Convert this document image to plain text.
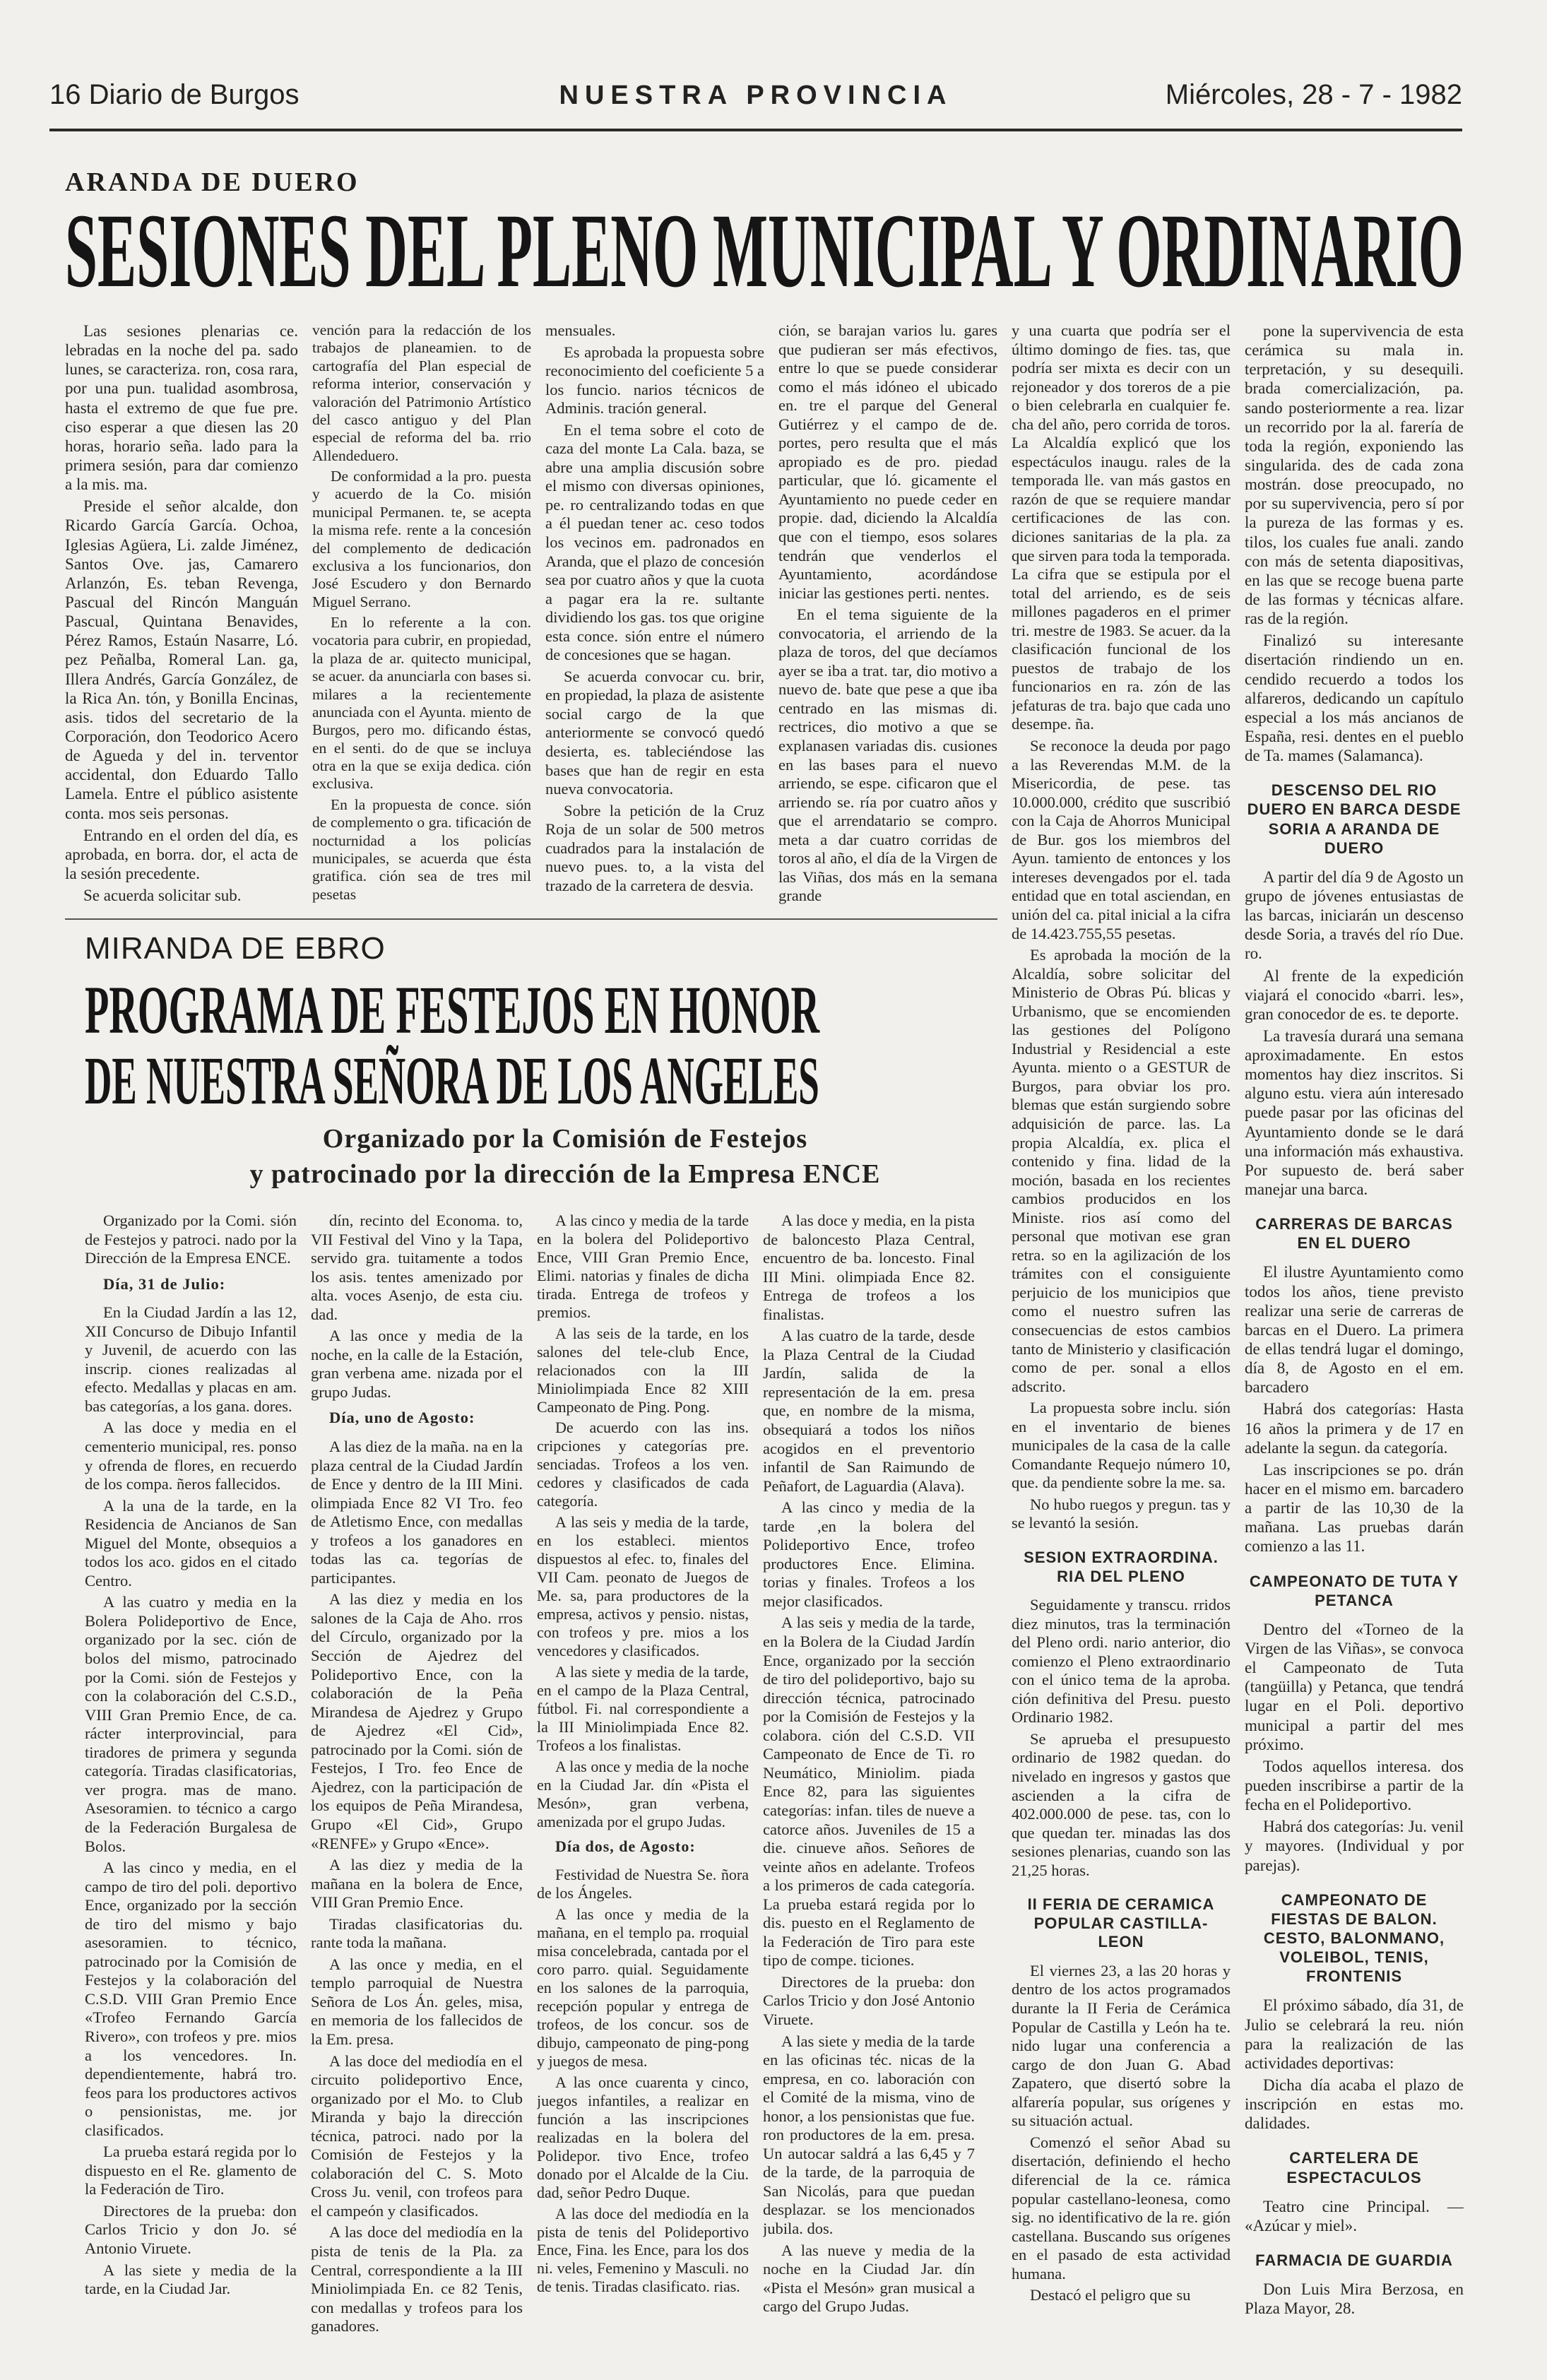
16 Diario de Burgos	NUESTRA PROVINCIA	Miércoles, 28 - 7 - 1982
ARANDA DE DUERO
SESIONES DEL PLENO MUNICIPAL Y ORDINARIO

Las sesiones plenarias ce. lebradas en la noche del pa. sado lunes, se caracteriza. ron, cosa rara, por una pun. tualidad asombrosa, hasta el extremo de que fue pre. ciso esperar a que diesen las 20 horas, horario seña. lado para la primera sesión, para dar comienzo a la mis. ma.

Preside el señor alcalde, don Ricardo García García. Ochoa, Iglesias Agüera, Li. zalde Jiménez, Santos Ove. jas, Camarero Arlanzón, Es. teban Revenga, Pascual del Rincón Manguán Pascual, Quintana Benavides, Pérez Ramos, Estaún Nasarre, Ló. pez Peñalba, Romeral Lan. ga, Illera Andrés, García González, de la Rica An. tón, y Bonilla Encinas, asis. tidos del secretario de la Corporación, don Teodorico Acero de Agueda y del in. terventor accidental, don Eduardo Tallo Lamela. Entre el público asistente conta. mos seis personas.

Entrando en el orden del día, es aprobada, en borra. dor, el acta de la sesión precedente.

Se acuerda solicitar sub.

vención para la redacción de los trabajos de planeamien. to de cartografía del Plan especial de reforma interior, conservación y valoración del Patrimonio Artístico del casco antiguo y del Plan especial de reforma del ba. rrio Allendeduero.

De conformidad a la pro. puesta y acuerdo de la Co. misión municipal Permanen. te, se acepta la misma refe. rente a la concesión del complemento de dedicación exclusiva a los funcionarios, don José Escudero y don Bernardo Miguel Serrano.

En lo referente a la con. vocatoria para cubrir, en propiedad, la plaza de ar. quitecto municipal, se acuer. da anunciarla con bases si. milares a la recientemente anunciada con el Ayunta. miento de Burgos, pero mo. dificando éstas, en el senti. do de que se incluya otra en la que se exija dedica. ción exclusiva.

En la propuesta de conce. sión de complemento o gra. tificación de nocturnidad a los policías municipales, se acuerda que ésta gratifica. ción sea de tres mil pesetas

mensuales.

Es aprobada la propuesta sobre reconocimiento del coeficiente 5 a los funcio. narios técnicos de Adminis. tración general.

En el tema sobre el coto de caza del monte La Cala. baza, se abre una amplia discusión sobre el mismo con diversas opiniones, pe. ro centralizando todas en que a él puedan tener ac. ceso todos los vecinos em. padronados en Aranda, que el plazo de concesión sea por cuatro años y que la cuota a pagar era la re. sultante dividiendo los gas. tos que origine esta conce. sión entre el número de concesiones que se hagan.

Se acuerda convocar cu. brir, en propiedad, la plaza de asistente social cargo de la que anteriormente se convocó quedó desierta, es. tableciéndose las bases que han de regir en esta nueva convocatoria.

Sobre la petición de la Cruz Roja de un solar de 500 metros cuadrados para la instalación de nuevo pues. to, a la vista del trazado de la carretera de desvia.

ción, se barajan varios lu. gares que pudieran ser más efectivos, entre lo que se puede considerar como el más idóneo el ubicado en. tre el parque del General Gutiérrez y el campo de de. portes, pero resulta que el más apropiado es de pro. piedad particular, que ló. gicamente el Ayuntamiento no puede ceder en propie. dad, diciendo la Alcaldía que con el tiempo, esos solares tendrán que venderlos el Ayuntamiento, acordándose iniciar las gestiones perti. nentes.

En el tema siguiente de la convocatoria, el arriendo de la plaza de toros, del que decíamos ayer se iba a trat. tar, dio motivo a nuevo de. bate que pese a que iba centrado en las mismas di. rectrices, dio motivo a que se explanasen variadas dis. cusiones en las bases para el nuevo arriendo, se espe. cificaron que el arriendo se. ría por cuatro años y que el arrendatario se compro. meta a dar cuatro corridas de toros al año, el día de la Virgen de las Viñas, dos más en la semana grande

MIRANDA DE EBRO
PROGRAMA DE FESTEJOS EN HONOR
DE NUESTRA SEÑORA DE LOS ANGELES
Organizado por la Comisión de Festejos
y patrocinado por la dirección de la Empresa ENCE

Organizado por la Comi. sión de Festejos y patroci. nado por la Dirección de la Empresa ENCE.

Día, 31 de Julio:

En la Ciudad Jardín a las 12, XII Concurso de Dibujo Infantil y Juvenil, de acuerdo con las inscrip. ciones realizadas al efecto. Medallas y placas en am. bas categorías, a los gana. dores.

A las doce y media en el cementerio municipal, res. ponso y ofrenda de flores, en recuerdo de los compa. ñeros fallecidos.

A la una de la tarde, en la Residencia de Ancianos de San Miguel del Monte, obsequios a todos los aco. gidos en el citado Centro.

A las cuatro y media en la Bolera Polideportivo de Ence, organizado por la sec. ción de bolos del mismo, patrocinado por la Comi. sión de Festejos y con la colaboración del C.S.D., VIII Gran Premio Ence, de ca. rácter interprovincial, para tiradores de primera y segunda categoría. Tiradas clasificatorias, ver progra. mas de mano. Asesoramien. to técnico a cargo de la Federación Burgalesa de Bolos.

A las cinco y media, en el campo de tiro del poli. deportivo Ence, organizado por la sección de tiro del mismo y bajo asesoramien. to técnico, patrocinado por la Comisión de Festejos y la colaboración del C.S.D. VIII Gran Premio Ence «Trofeo Fernando García Rivero», con trofeos y pre. mios a los vencedores. In. dependientemente, habrá tro. feos para los productores activos o pensionistas, me. jor clasificados.

La prueba estará regida por lo dispuesto en el Re. glamento de la Federación de Tiro.

Directores de la prueba: don Carlos Tricio y don Jo. sé Antonio Viruete.

A las siete y media de la tarde, en la Ciudad Jar.

dín, recinto del Economa. to, VII Festival del Vino y la Tapa, servido gra. tuitamente a todos los asis. tentes amenizado por alta. voces Asenjo, de esta ciu. dad.

A las once y media de la noche, en la calle de la Estación, gran verbena ame. nizada por el grupo Judas.

Día, uno de Agosto:

A las diez de la maña. na en la plaza central de la Ciudad Jardín de Ence y dentro de la III Mini. olimpiada Ence 82 VI Tro. feo de Atletismo Ence, con medallas y trofeos a los ganadores en todas las ca. tegorías de participantes.

A las diez y media en los salones de la Caja de Aho. rros del Círculo, organizado por la Sección de Ajedrez del Polideportivo Ence, con la colaboración de la Peña Mirandesa de Ajedrez y Grupo de Ajedrez «El Cid», patrocinado por la Comi. sión de Festejos, I Tro. feo Ence de Ajedrez, con la participación de los equipos de Peña Mirandesa, Grupo «El Cid», Grupo «RENFE» y Grupo «Ence».

A las diez y media de la mañana en la bolera de Ence, VIII Gran Premio Ence.

Tiradas clasificatorias du. rante toda la mañana.

A las once y media, en el templo parroquial de Nuestra Señora de Los Án. geles, misa, en memoria de los fallecidos de la Em. presa.

A las doce del mediodía en el circuito polideportivo Ence, organizado por el Mo. to Club Miranda y bajo la dirección técnica, patroci. nado por la Comisión de Festejos y la colaboración del C. S. Moto Cross Ju. venil, con trofeos para el campeón y clasificados.

A las doce del mediodía en la pista de tenis de la Pla. za Central, correspondiente a la III Miniolimpiada En. ce 82 Tenis, con medallas y trofeos para los ganadores.

A las cinco y media de la tarde en la bolera del Polideportivo Ence, VIII Gran Premio Ence, Elimi. natorias y finales de dicha tirada. Entrega de trofeos y premios.

A las seis de la tarde, en los salones del tele-club Ence, relacionados con la III Miniolimpiada Ence 82 XIII Campeonato de Ping. Pong.

De acuerdo con las ins. cripciones y categorías pre. senciadas. Trofeos a los ven. cedores y clasificados de cada categoría.

A las seis y media de la tarde, en los estableci. mientos dispuestos al efec. to, finales del VII Cam. peonato de Juegos de Me. sa, para productores de la empresa, activos y pensio. nistas, con trofeos y pre. mios a los vencedores y clasificados.

A las siete y media de la tarde, en el campo de la Plaza Central, fútbol. Fi. nal correspondiente a la III Miniolimpiada Ence 82. Trofeos a los finalistas.

A las once y media de la noche en la Ciudad Jar. dín «Pista el Mesón», gran verbena, amenizada por el grupo Judas.

Día dos, de Agosto:

Festividad de Nuestra Se. ñora de los Ángeles.

A las once y media de la mañana, en el templo pa. rroquial misa concelebrada, cantada por el coro parro. quial. Seguidamente en los salones de la parroquia, recepción popular y entrega de trofeos, de los concur. sos de dibujo, campeonato de ping-pong y juegos de mesa.

A las once cuarenta y cinco, juegos infantiles, a realizar en función a las inscripciones realizadas en la bolera del Polidepor. tivo Ence, trofeo donado por el Alcalde de la Ciu. dad, señor Pedro Duque.

A las doce del mediodía en la pista de tenis del Polideportivo Ence, Fina. les Ence, para los dos ni. veles, Femenino y Masculi. no de tenis. Tiradas clasificato. rias.

A las doce y media, en la pista de baloncesto Plaza Central, encuentro de ba. loncesto. Final III Mini. olimpiada Ence 82. Entrega de trofeos a los finalistas.

A las cuatro de la tarde, desde la Plaza Central de la Ciudad Jardín, salida de la representación de la em. presa que, en nombre de la misma, obsequiará a todos los niños acogidos en el preventorio infantil de San Raimundo de Peñafort, de Laguardia (Alava).

A las cinco y media de la tarde ,en la bolera del Polideportivo Ence, trofeo productores Ence. Elimina. torias y finales. Trofeos a los mejor clasificados.

A las seis y media de la tarde, en la Bolera de la Ciudad Jardín Ence, organizado por la sección de tiro del polideportivo, bajo su dirección técnica, patrocinado por la Comisión de Festejos y la colabora. ción del C.S.D. VII Campeonato de Ence de Ti. ro Neumático, Miniolim. piada Ence 82, para las siguientes categorías: infan. tiles de nueve a catorce años. Juveniles de 15 a die. cinueve años. Señores de veinte años en adelante. Trofeos a los primeros de cada categoría. La prueba estará regida por lo dis. puesto en el Reglamento de la Federación de Tiro para este tipo de compe. ticiones.

Directores de la prueba: don Carlos Tricio y don José Antonio Viruete.

A las siete y media de la tarde en las oficinas téc. nicas de la empresa, en co. laboración con el Comité de la misma, vino de honor, a los pensionistas que fue. ron productores de la em. presa. Un autocar saldrá a las 6,45 y 7 de la tarde, de la parroquia de San Nicolás, para que puedan desplazar. se los mencionados jubila. dos.

A las nueve y media de la noche en la Ciudad Jar. dín «Pista el Mesón» gran musical a cargo del Grupo Judas.

y una cuarta que podría ser el último domingo de fies. tas, que podría ser mixta es decir con un rejoneador y dos toreros de a pie o bien celebrarla en cualquier fe. cha del año, pero corrida de toros. La Alcaldía explicó que los espectáculos inaugu. rales de la temporada lle. van más gastos en razón de que se requiere mandar certificaciones de las con. diciones sanitarias de la pla. za que sirven para toda la temporada. La cifra que se estipula por el total del arriendo, es de seis millones pagaderos en el primer tri. mestre de 1983. Se acuer. da la clasificación funcional de los puestos de trabajo de los funcionarios en ra. zón de las jefaturas de tra. bajo que cada uno desempe. ña.

Se reconoce la deuda por pago a las Reverendas M.M. de la Misericordia, de pese. tas 10.000.000, crédito que suscribió con la Caja de Ahorros Municipal de Bur. gos los miembros del Ayun. tamiento de entonces y los intereses devengados por el. tada entidad que en total asciendan, en unión del ca. pital inicial a la cifra de 14.423.755,55 pesetas.

Es aprobada la moción de la Alcaldía, sobre solicitar del Ministerio de Obras Pú. blicas y Urbanismo, que se encomienden las gestiones del Polígono Industrial y Residencial a este Ayunta. miento o a GESTUR de Burgos, para obviar los pro. blemas que están surgiendo sobre adquisición de parce. las. La propia Alcaldía, ex. plica el contenido y fina. lidad de la moción, basada en los recientes cambios producidos en los Ministe. rios así como del personal que motivan ese gran retra. so en la agilización de los trámites con el consiguiente perjuicio de los municipios que como el nuestro sufren las consecuencias de estos cambios tanto de Ministerio y clasificación como de per. sonal a ellos adscrito.

La propuesta sobre inclu. sión en el inventario de bienes municipales de la casa de la calle Comandante Requejo número 10, que. da pendiente sobre la me. sa.

No hubo ruegos y pregun. tas y se levantó la sesión.

SESION EXTRAORDINA. RIA DEL PLENO

Seguidamente y transcu. rridos diez minutos, tras la terminación del Pleno ordi. nario anterior, dio comienzo el Pleno extraordinario con el único tema de la aproba. ción definitiva del Presu. puesto Ordinario 1982.

Se aprueba el presupuesto ordinario de 1982 quedan. do nivelado en ingresos y gastos que ascienden a la cifra de 402.000.000 de pese. tas, con lo que quedan ter. minadas las dos sesiones plenarias, cuando son las 21,25 horas.

II FERIA DE CERAMICA POPULAR CASTILLA-LEON

El viernes 23, a las 20 horas y dentro de los actos programados durante la II Feria de Cerámica Popular de Castilla y León ha te. nido lugar una conferencia a cargo de don Juan G. Abad Zapatero, que disertó sobre la alfarería popular, sus orígenes y su situación actual.

Comenzó el señor Abad su disertación, definiendo el hecho diferencial de la ce. rámica popular castellano-leonesa, como sig. no identificativo de la re. gión castellana. Buscando sus orígenes en el pasado de esta actividad humana.

Destacó el peligro que su

pone la supervivencia de esta cerámica su mala in. terpretación, y su desequili. brada comercialización, pa. sando posteriormente a rea. lizar un recorrido por la al. farería de toda la región, exponiendo las singularida. des de cada zona mostrán. dose preocupado, no por su supervivencia, pero sí por la pureza de las formas y es. tilos, los cuales fue anali. zando con más de setenta diapositivas, en las que se recoge buena parte de las formas y técnicas alfare. ras de la región.

Finalizó su interesante disertación rindiendo un en. cendido recuerdo a todos los alfareros, dedicando un capítulo especial a los más ancianos de España, resi. dentes en el pueblo de Ta. mames (Salamanca).

DESCENSO DEL RIO DUERO EN BARCA DESDE SORIA A ARANDA DE DUERO

A partir del día 9 de Agosto un grupo de jóvenes entusiastas de las barcas, iniciarán un descenso desde Soria, a través del río Due. ro.

Al frente de la expedición viajará el conocido «barri. les», gran conocedor de es. te deporte.

La travesía durará una semana aproximadamente. En estos momentos hay diez inscritos. Si alguno estu. viera aún interesado puede pasar por las oficinas del Ayuntamiento donde se le dará una información más exhaustiva. Por supuesto de. berá saber manejar una barca.

CARRERAS DE BARCAS EN EL DUERO

El ilustre Ayuntamiento como todos los años, tiene previsto realizar una serie de carreras de barcas en el Duero. La primera de ellas tendrá lugar el domingo, día 8, de Agosto en el em. barcadero

Habrá dos categorías: Hasta 16 años la primera y de 17 en adelante la segun. da categoría.

Las inscripciones se po. drán hacer en el mismo em. barcadero a partir de las 10,30 de la mañana. Las pruebas darán comienzo a las 11.

CAMPEONATO DE TUTA Y PETANCA

Dentro del «Torneo de la Virgen de las Viñas», se convoca el Campeonato de Tuta (tangüilla) y Petanca, que tendrá lugar en el Poli. deportivo municipal a partir del mes próximo.

Todos aquellos interesa. dos pueden inscribirse a partir de la fecha en el Polideportivo.

Habrá dos categorías: Ju. venil y mayores. (Individual y por parejas).

CAMPEONATO DE FIESTAS DE BALON. CESTO, BALONMANO, VOLEIBOL, TENIS, FRONTENIS

El próximo sábado, día 31, de Julio se celebrará la reu. nión para la realización de las actividades deportivas:

Dicha día acaba el plazo de inscripción en estas mo. dalidades.

CARTELERA DE ESPECTACULOS

Teatro cine Principal. — «Azúcar y miel».

FARMACIA DE GUARDIA

Don Luis Mira Berzosa, en Plaza Mayor, 28.
